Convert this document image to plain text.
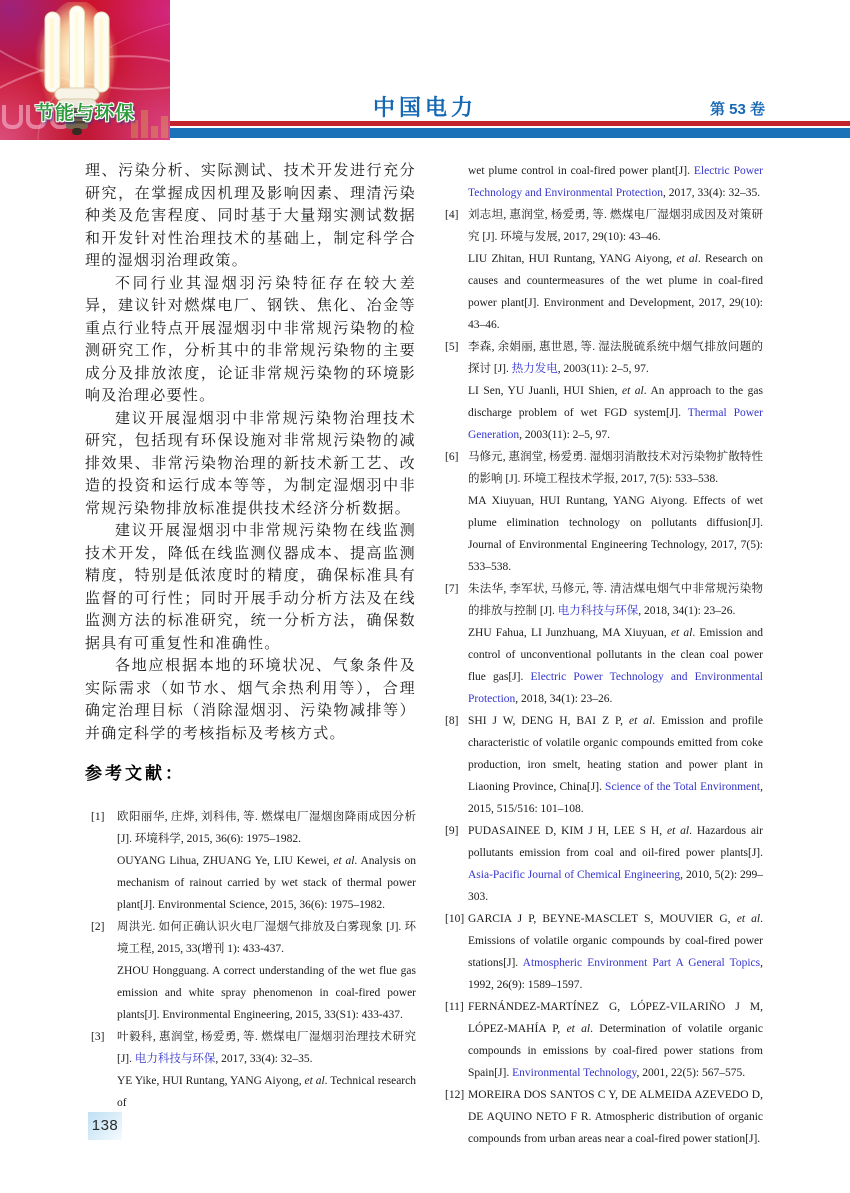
节能与环保	中国电力	第 53 卷

理、污染分析、实际测试、技术开发进行充分研究，在掌握成因机理及影响因素、理清污染种类及危害程度、同时基于大量翔实测试数据和开发针对性治理技术的基础上，制定科学合理的湿烟羽治理政策。

不同行业其湿烟羽污染特征存在较大差异，建议针对燃煤电厂、钢铁、焦化、冶金等重点行业特点开展湿烟羽中非常规污染物的检测研究工作，分析其中的非常规污染物的主要成分及排放浓度，论证非常规污染物的环境影响及治理必要性。

建议开展湿烟羽中非常规污染物治理技术研究，包括现有环保设施对非常规污染物的减排效果、非常污染物治理的新技术新工艺、改造的投资和运行成本等等，为制定湿烟羽中非常规污染物排放标准提供技术经济分析数据。

建议开展湿烟羽中非常规污染物在线监测技术开发，降低在线监测仪器成本、提高监测精度，特别是低浓度时的精度，确保标准具有监督的可行性；同时开展手动分析方法及在线监测方法的标准研究，统一分析方法，确保数据具有可重复性和准确性。

各地应根据本地的环境状况、气象条件及实际需求（如节水、烟气余热利用等），合理确定治理目标（消除湿烟羽、污染物减排等）并确定科学的考核指标及考核方式。

参考文献：
[1] 欧阳丽华, 庄烨, 刘科伟, 等. 燃煤电厂湿烟囱降雨成因分析 [J]. 环境科学, 2015, 36(6): 1975–1982.
OUYANG Lihua, ZHUANG Ye, LIU Kewei, et al. Analysis on mechanism of rainout carried by wet stack of thermal power plant[J]. Environmental Science, 2015, 36(6): 1975–1982.
[2] 周洪光. 如何正确认识火电厂湿烟气排放及白雾现象 [J]. 环境工程, 2015, 33(增刊 1): 433-437.
ZHOU Hongguang. A correct understanding of the wet flue gas emission and white spray phenomenon in coal-fired power plants[J]. Environmental Engineering, 2015, 33(S1): 433-437.
[3] 叶毅科, 惠润堂, 杨爱勇, 等. 燃煤电厂湿烟羽治理技术研究 [J]. 电力科技与环保, 2017, 33(4): 32–35.
YE Yike, HUI Runtang, YANG Aiyong, et al. Technical research of
wet plume control in coal-fired power plant[J]. Electric Power Technology and Environmental Protection, 2017, 33(4): 32–35.
[4] 刘志坦, 惠润堂, 杨爱勇, 等. 燃煤电厂湿烟羽成因及对策研究 [J]. 环境与发展, 2017, 29(10): 43–46.
LIU Zhitan, HUI Runtang, YANG Aiyong, et al. Research on causes and countermeasures of the wet plume in coal-fired power plant[J]. Environment and Development, 2017, 29(10): 43–46.
[5] 李森, 余娟丽, 惠世恩, 等. 湿法脱硫系统中烟气排放问题的探讨 [J]. 热力发电, 2003(11): 2–5, 97.
LI Sen, YU Juanli, HUI Shien, et al. An approach to the gas discharge problem of wet FGD system[J]. Thermal Power Generation, 2003(11): 2–5, 97.
[6] 马修元, 惠润堂, 杨爱勇. 湿烟羽消散技术对污染物扩散特性的影响 [J]. 环境工程技术学报, 2017, 7(5): 533–538.
MA Xiuyuan, HUI Runtang, YANG Aiyong. Effects of wet plume elimination technology on pollutants diffusion[J]. Journal of Environmental Engineering Technology, 2017, 7(5): 533–538.
[7] 朱法华, 李军状, 马修元, 等. 清洁煤电烟气中非常规污染物的排放与控制 [J]. 电力科技与环保, 2018, 34(1): 23–26.
ZHU Fahua, LI Junzhuang, MA Xiuyuan, et al. Emission and control of unconventional pollutants in the clean coal power flue gas[J]. Electric Power Technology and Environmental Protection, 2018, 34(1): 23–26.
[8] SHI J W, DENG H, BAI Z P, et al. Emission and profile characteristic of volatile organic compounds emitted from coke production, iron smelt, heating station and power plant in Liaoning Province, China[J]. Science of the Total Environment, 2015, 515/516: 101–108.
[9] PUDASAINEE D, KIM J H, LEE S H, et al. Hazardous air pollutants emission from coal and oil-fired power plants[J]. Asia-Pacific Journal of Chemical Engineering, 2010, 5(2): 299–303.
[10] GARCIA J P, BEYNE-MASCLET S, MOUVIER G, et al. Emissions of volatile organic compounds by coal-fired power stations[J]. Atmospheric Environment Part A General Topics, 1992, 26(9): 1589–1597.
[11] FERNÁNDEZ-MARTÍNEZ G, LÓPEZ-VILARIÑO J M, LÓPEZ-MAHÍA P, et al. Determination of volatile organic compounds in emissions by coal-fired power stations from Spain[J]. Environmental Technology, 2001, 22(5): 567–575.
[12] MOREIRA DOS SANTOS C Y, DE ALMEIDA AZEVEDO D, DE AQUINO NETO F R. Atmospheric distribution of organic compounds from urban areas near a coal-fired power station[J].
138
